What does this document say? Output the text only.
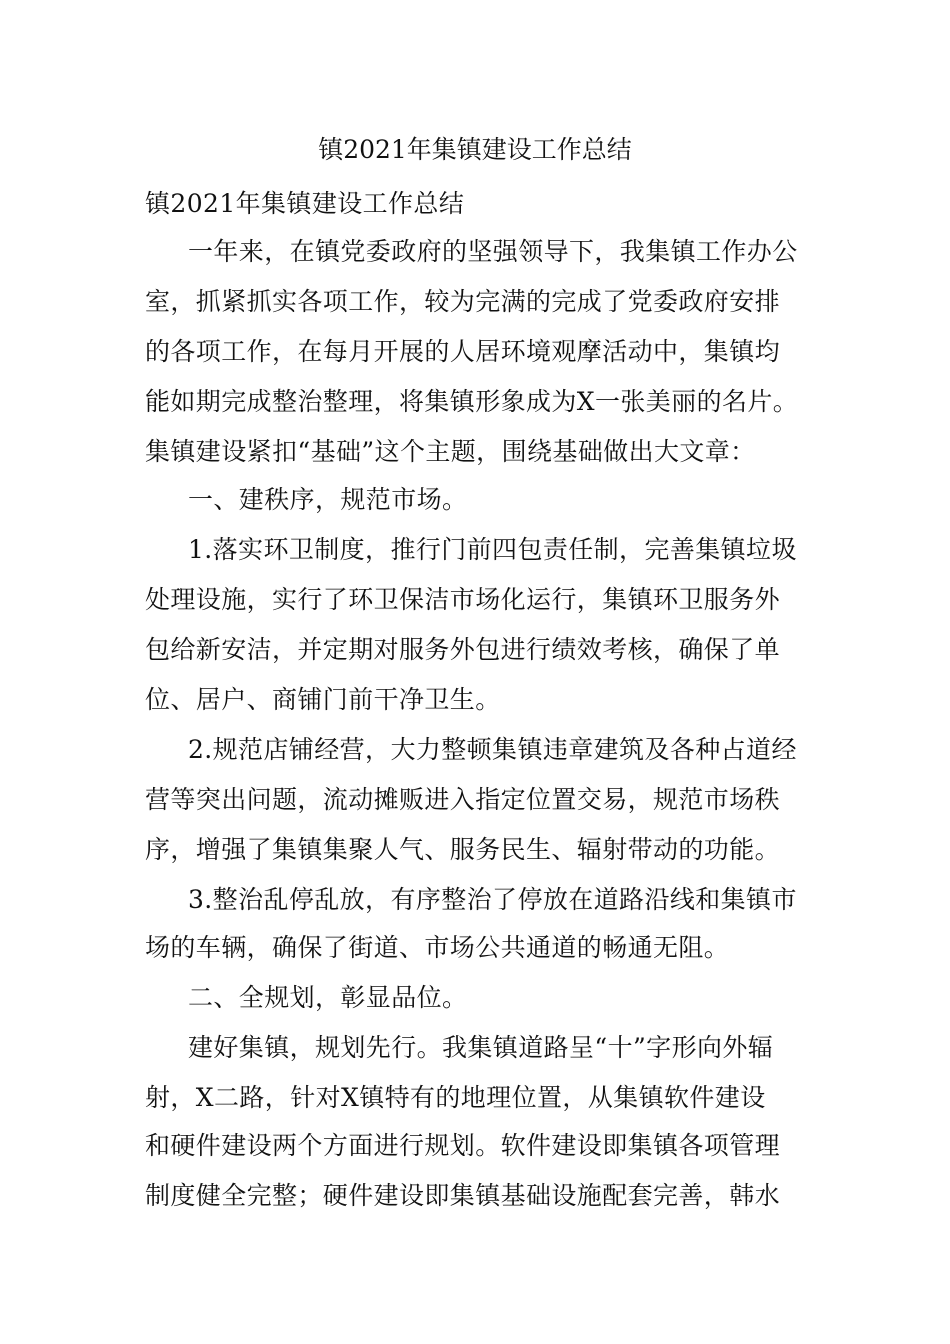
镇2021年集镇建设工作总结
镇2021年集镇建设工作总结
一年来，在镇党委政府的坚强领导下，我集镇工作办公
室，抓紧抓实各项工作，较为完满的完成了党委政府安排
的各项工作，在每月开展的人居环境观摩活动中，集镇均
能如期完成整治整理，将集镇形象成为X一张美丽的名片。
集镇建设紧扣“基础”这个主题，围绕基础做出大文章：
一、建秩序，规范市场。
1.落实环卫制度，推行门前四包责任制，完善集镇垃圾
处理设施，实行了环卫保洁市场化运行，集镇环卫服务外
包给新安洁，并定期对服务外包进行绩效考核，确保了单
位、居户、商铺门前干净卫生。
2.规范店铺经营，大力整顿集镇违章建筑及各种占道经
营等突出问题，流动摊贩进入指定位置交易，规范市场秩
序，增强了集镇集聚人气、服务民生、辐射带动的功能。
3.整治乱停乱放，有序整治了停放在道路沿线和集镇市
场的车辆，确保了街道、市场公共通道的畅通无阻。
二、全规划，彰显品位。
建好集镇，规划先行。我集镇道路呈“十”字形向外辐
射，X二路，针对X镇特有的地理位置，从集镇软件建设
和硬件建设两个方面进行规划。软件建设即集镇各项管理
制度健全完整；硬件建设即集镇基础设施配套完善，韩水
